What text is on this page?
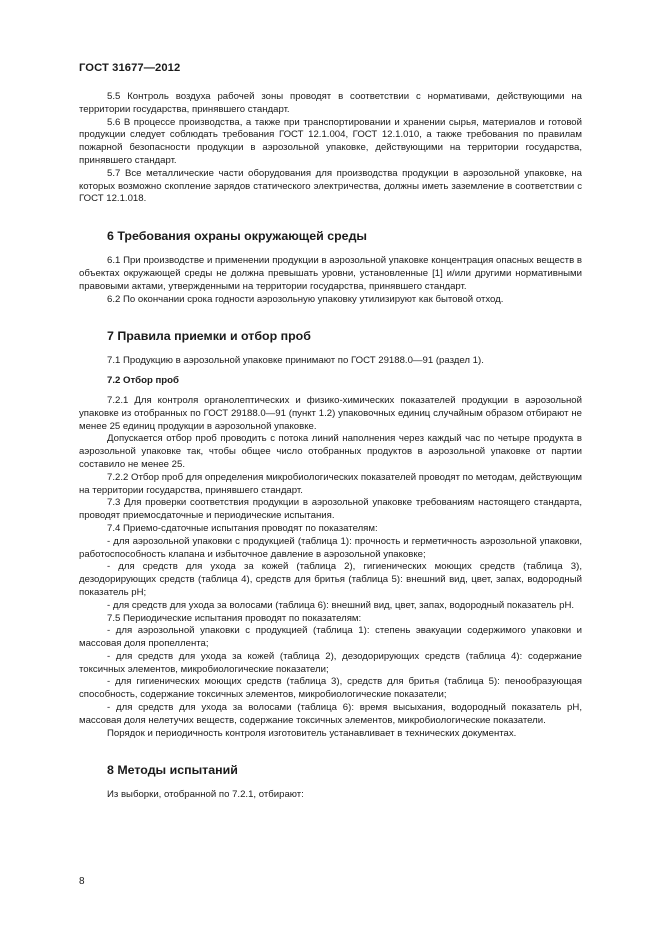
ГОСТ 31677—2012

5.5 Контроль воздуха рабочей зоны проводят в соответствии с нормативами, действующими на территории государства, принявшего стандарт.

5.6 В процессе производства, а также при транспортировании и хранении сырья, материалов и готовой продукции следует соблюдать требования ГОСТ 12.1.004, ГОСТ 12.1.010, а также требования по правилам пожарной безопасности продукции в аэрозольной упаковке, действующими на территории государства, принявшего стандарт.

5.7 Все металлические части оборудования для производства продукции в аэрозольной упаковке, на которых возможно скопление зарядов статического электричества, должны иметь заземление в соответствии с ГОСТ 12.1.018.

6 Требования охраны окружающей среды

6.1 При производстве и применении продукции в аэрозольной упаковке концентрация опасных веществ в объектах окружающей среды не должна превышать уровни, установленные [1] и/или другими нормативными правовыми актами, утвержденными на территории государства, принявшего стандарт.

6.2 По окончании срока годности аэрозольную упаковку утилизируют как бытовой отход.

7 Правила приемки и отбор проб

7.1 Продукцию в аэрозольной упаковке принимают по ГОСТ 29188.0—91 (раздел 1).

7.2 Отбор проб

7.2.1 Для контроля органолептических и физико-химических показателей продукции в аэрозольной упаковке из отобранных по ГОСТ 29188.0—91 (пункт 1.2) упаковочных единиц случайным образом отбирают не менее 25 единиц продукции в аэрозольной упаковке.

Допускается отбор проб проводить с потока линий наполнения через каждый час по четыре продукта в аэрозольной упаковке так, чтобы общее число отобранных продуктов в аэрозольной упаковке от партии составило не менее 25.

7.2.2 Отбор проб для определения микробиологических показателей проводят по методам, действующим на территории государства, принявшего стандарт.

7.3 Для проверки соответствия продукции в аэрозольной упаковке требованиям настоящего стандарта, проводят приемосдаточные и периодические испытания.

7.4 Приемо-сдаточные испытания проводят по показателям:

- для аэрозольной упаковки с продукцией (таблица 1): прочность и герметичность аэрозольной упаковки, работоспособность клапана и избыточное давление в аэрозольной упаковке;

- для средств для ухода за кожей (таблица 2), гигиенических моющих средств (таблица 3), дезодорирующих средств (таблица 4), средств для бритья (таблица 5): внешний вид, цвет, запах, водородный показатель рН;

- для средств для ухода за волосами (таблица 6): внешний вид, цвет, запах, водородный показатель рН.

7.5 Периодические испытания проводят по показателям:

- для аэрозольной упаковки с продукцией (таблица 1): степень эвакуации содержимого упаковки и массовая доля пропеллента;

- для средств для ухода за кожей (таблица 2), дезодорирующих средств (таблица 4): содержание токсичных элементов, микробиологические показатели;

- для гигиенических моющих средств (таблица 3), средств для бритья (таблица 5): пенообразующая способность, содержание токсичных элементов, микробиологические показатели;

- для средств для ухода за волосами (таблица 6): время высыхания, водородный показатель рН, массовая доля нелетучих веществ, содержание токсичных элементов, микробиологические показатели.

Порядок и периодичность контроля изготовитель устанавливает в технических документах.

8 Методы испытаний

Из выборки, отобранной по 7.2.1, отбирают:

8
